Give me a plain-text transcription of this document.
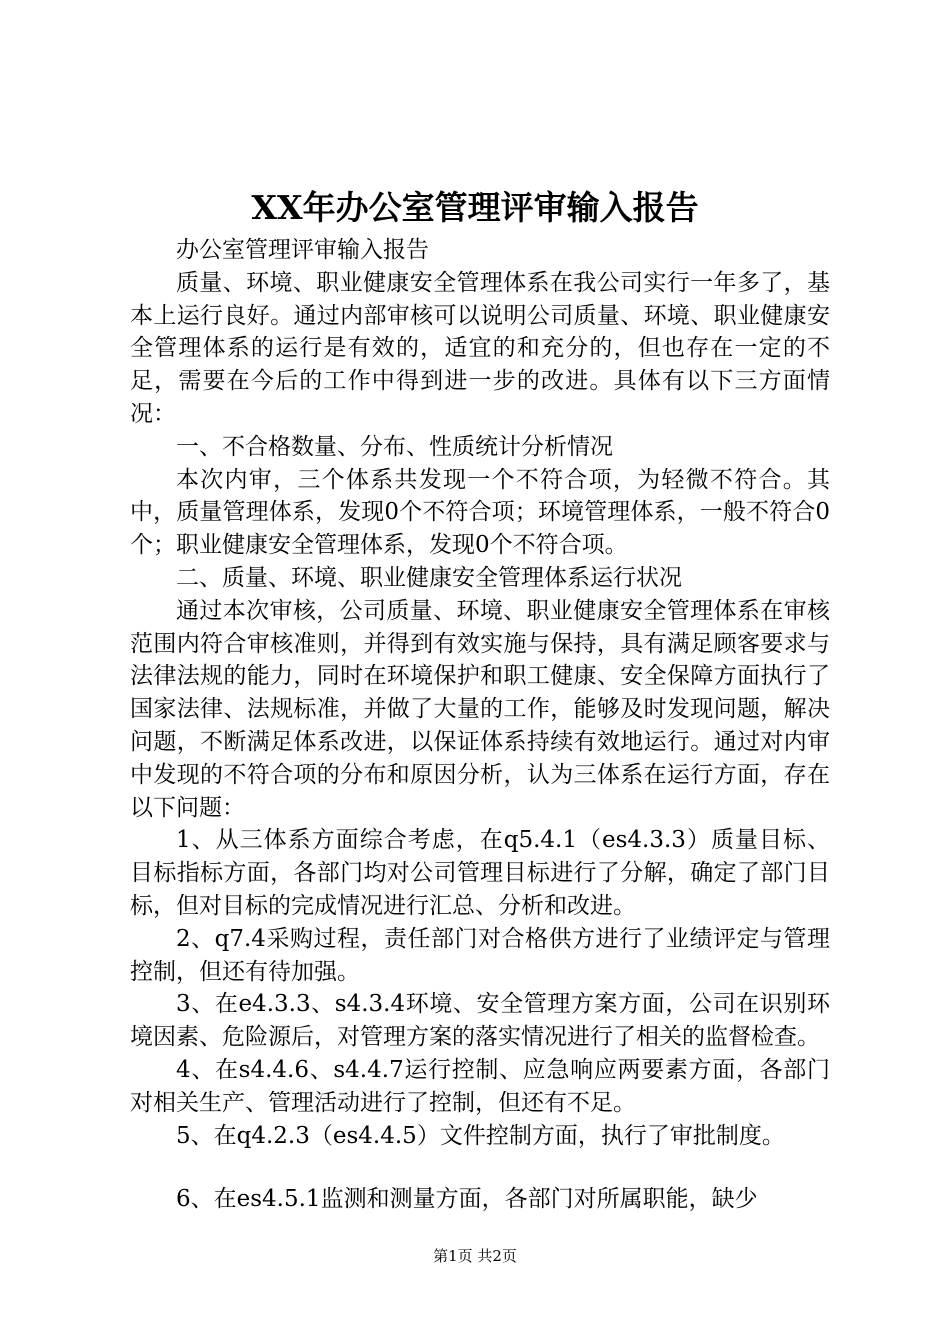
XX年办公室管理评审输入报告

办公室管理评审输入报告

质量、环境、职业健康安全管理体系在我公司实行一年多了，基本上运行良好。通过内部审核可以说明公司质量、环境、职业健康安全管理体系的运行是有效的，适宜的和充分的，但也存在一定的不足，需要在今后的工作中得到进一步的改进。具体有以下三方面情况：

一、不合格数量、分布、性质统计分析情况

本次内审，三个体系共发现一个不符合项，为轻微不符合。其中，质量管理体系，发现0个不符合项；环境管理体系，一般不符合0个；职业健康安全管理体系，发现0个不符合项。

二、质量、环境、职业健康安全管理体系运行状况

通过本次审核，公司质量、环境、职业健康安全管理体系在审核范围内符合审核准则，并得到有效实施与保持，具有满足顾客要求与法律法规的能力，同时在环境保护和职工健康、安全保障方面执行了国家法律、法规标准，并做了大量的工作，能够及时发现问题，解决问题，不断满足体系改进，以保证体系持续有效地运行。通过对内审中发现的不符合项的分布和原因分析，认为三体系在运行方面，存在以下问题：

1、从三体系方面综合考虑，在q5.4.1（es4.3.3）质量目标、目标指标方面，各部门均对公司管理目标进行了分解，确定了部门目标，但对目标的完成情况进行汇总、分析和改进。

2、q7.4采购过程，责任部门对合格供方进行了业绩评定与管理控制，但还有待加强。

3、在e4.3.3、s4.3.4环境、安全管理方案方面，公司在识别环境因素、危险源后，对管理方案的落实情况进行了相关的监督检查。

4、在s4.4.6、s4.4.7运行控制、应急响应两要素方面，各部门对相关生产、管理活动进行了控制，但还有不足。

5、在q4.2.3（es4.4.5）文件控制方面，执行了审批制度。

6、在es4.5.1监测和测量方面，各部门对所属职能，缺少

第1页 共2页
